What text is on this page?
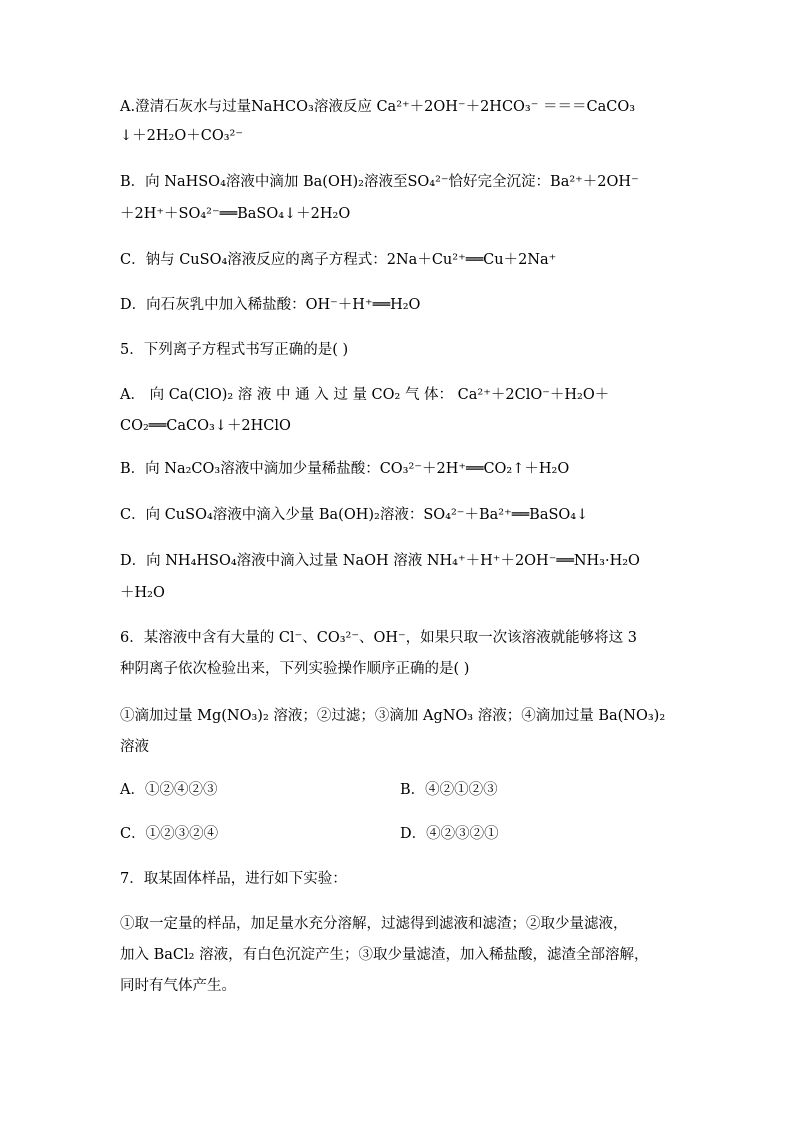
A.澄清石灰水与过量NaHCO₃溶液反应 Ca²⁺＋2OH⁻＋2HCO₃⁻ ＝＝＝CaCO₃
↓＋2H₂O＋CO₃²⁻
B．向 NaHSO₄溶液中滴加 Ba(OH)₂溶液至SO₄²⁻恰好完全沉淀：Ba²⁺＋2OH⁻
＋2H⁺＋SO₄²⁻══BaSO₄↓＋2H₂O
C．钠与 CuSO₄溶液反应的离子方程式：2Na＋Cu²⁺══Cu＋2Na⁺
D．向石灰乳中加入稀盐酸：OH⁻＋H⁺══H₂O
5．下列离子方程式书写正确的是( )
A． 向 Ca(ClO)₂ 溶 液 中 通 入 过 量 CO₂ 气 体： Ca²⁺＋2ClO⁻＋H₂O＋
CO₂══CaCO₃↓＋2HClO
B．向 Na₂CO₃溶液中滴加少量稀盐酸：CO₃²⁻＋2H⁺══CO₂↑＋H₂O
C．向 CuSO₄溶液中滴入少量 Ba(OH)₂溶液：SO₄²⁻＋Ba²⁺══BaSO₄↓
D．向 NH₄HSO₄溶液中滴入过量 NaOH 溶液 NH₄⁺＋H⁺＋2OH⁻══NH₃·H₂O
＋H₂O
6．某溶液中含有大量的 Cl⁻、CO₃²⁻、OH⁻，如果只取一次该溶液就能够将这 3
种阴离子依次检验出来，下列实验操作顺序正确的是( )
①滴加过量 Mg(NO₃)₂ 溶液；②过滤；③滴加 AgNO₃ 溶液；④滴加过量 Ba(NO₃)₂
溶液
A．①②④②③	B．④②①②③
C．①②③②④	D．④②③②①
7．取某固体样品，进行如下实验：
①取一定量的样品，加足量水充分溶解，过滤得到滤液和滤渣；②取少量滤液，
加入 BaCl₂ 溶液，有白色沉淀产生；③取少量滤渣，加入稀盐酸，滤渣全部溶解，
同时有气体产生。
